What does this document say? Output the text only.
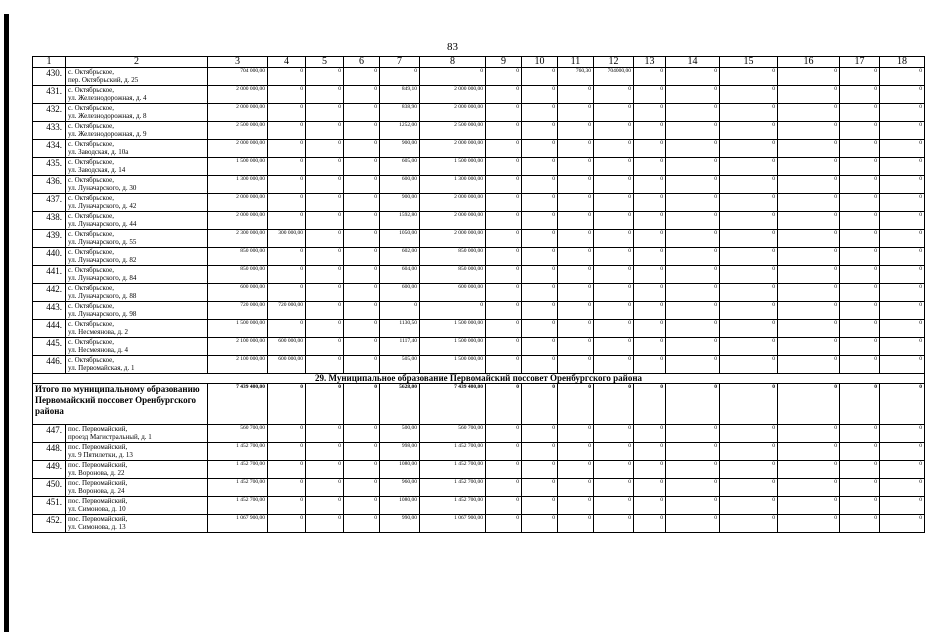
83
1	2	3	4	5	6	7	8	9	10	11	12	13	14	15	16	17	18
430.	с. Октябрьское,
пер. Октябрьский, д. 25	704 000,00	0	0	0	0	0	0	0	760,30	704000,00	0	0	0	0	0	0
431.	с. Октябрьское,
ул. Железнодорожная, д. 4	2 000 000,00	0	0	0	849,10	2 000 000,00	0	0	0	0	0	0	0	0	0	0
432.	с. Октябрьское,
ул. Железнодорожная, д. 8	2 000 000,00	0	0	0	838,90	2 000 000,00	0	0	0	0	0	0	0	0	0	0
433.	с. Октябрьское,
ул. Железнодорожная, д. 9	2 500 000,00	0	0	0	1252,00	2 500 000,00	0	0	0	0	0	0	0	0	0	0
434.	с. Октябрьское,
ул. Заводская, д. 10а	2 000 000,00	0	0	0	900,00	2 000 000,00	0	0	0	0	0	0	0	0	0	0
435.	с. Октябрьское,
ул. Заводская, д. 14	1 500 000,00	0	0	0	605,00	1 500 000,00	0	0	0	0	0	0	0	0	0	0
436.	с. Октябрьское,
ул. Луначарского, д. 30	1 300 000,00	0	0	0	600,00	1 300 000,00	0	0	0	0	0	0	0	0	0	0
437.	с. Октябрьское,
ул. Луначарского, д. 42	2 000 000,00	0	0	0	900,00	2 000 000,00	0	0	0	0	0	0	0	0	0	0
438.	с. Октябрьское,
ул. Луначарского, д. 44	2 000 000,00	0	0	0	1592,80	2 000 000,00	0	0	0	0	0	0	0	0	0	0
439.	с. Октябрьское,
ул. Луначарского, д. 55	2 300 000,00	300 000,00	0	0	1050,00	2 000 000,00	0	0	0	0	0	0	0	0	0	0
440.	с. Октябрьское,
ул. Луначарского, д. 82	850 000,00	0	0	0	602,00	850 000,00	0	0	0	0	0	0	0	0	0	0
441.	с. Октябрьское,
ул. Луначарского, д. 84	850 000,00	0	0	0	604,00	850 000,00	0	0	0	0	0	0	0	0	0	0
442.	с. Октябрьское,
ул. Луначарского, д. 88	600 000,00	0	0	0	600,00	600 000,00	0	0	0	0	0	0	0	0	0	0
443.	с. Октябрьское,
ул. Луначарского, д. 98	720 000,00	720 000,00	0	0	0	0	0	0	0	0	0	0	0	0	0	0
444.	с. Октябрьское,
ул. Несмеянова, д. 2	1 500 000,00	0	0	0	1130,50	1 500 000,00	0	0	0	0	0	0	0	0	0	0
445.	с. Октябрьское,
ул. Несмеянова, д. 4	2 100 000,00	600 000,00	0	0	1117,40	1 500 000,00	0	0	0	0	0	0	0	0	0	0
446.	с. Октябрьское,
ул. Первомайская, д. 1	2 100 000,00	600 000,00	0	0	505,00	1 500 000,00	0	0	0	0	0	0	0	0	0	0
29. Муниципальное образование Первомайский поссовет Оренбургского района																	
Итого по муниципальному образованию Первомайский поссовет Оренбургского района		7 439 400,00	0	0	0	5628,00	7 439 400,00	0	0	0	0	0	0	0	0	0	0
447.	пос. Первомайский,
проезд Магистральный, д. 1	560 700,00	0	0	0	500,00	560 700,00	0	0	0	0	0	0	0	0	0	0
448.	пос. Первомайский,
ул. 9 Пятилетки, д. 13	1 452 700,00	0	0	0	998,00	1 452 700,00	0	0	0	0	0	0	0	0	0	0
449.	пос. Первомайский,
ул. Воронова, д. 22	1 452 700,00	0	0	0	1080,00	1 452 700,00	0	0	0	0	0	0	0	0	0	0
450.	пос. Первомайский,
ул. Воронова, д. 24	1 452 700,00	0	0	0	960,00	1 452 700,00	0	0	0	0	0	0	0	0	0	0
451.	пос. Первомайский,
ул. Симонова, д. 10	1 452 700,00	0	0	0	1080,00	1 452 700,00	0	0	0	0	0	0	0	0	0	0
452.	пос. Первомайский,
ул. Симонова, д. 13	1 067 900,00	0	0	0	990,00	1 067 900,00	0	0	0	0	0	0	0	0	0	0
